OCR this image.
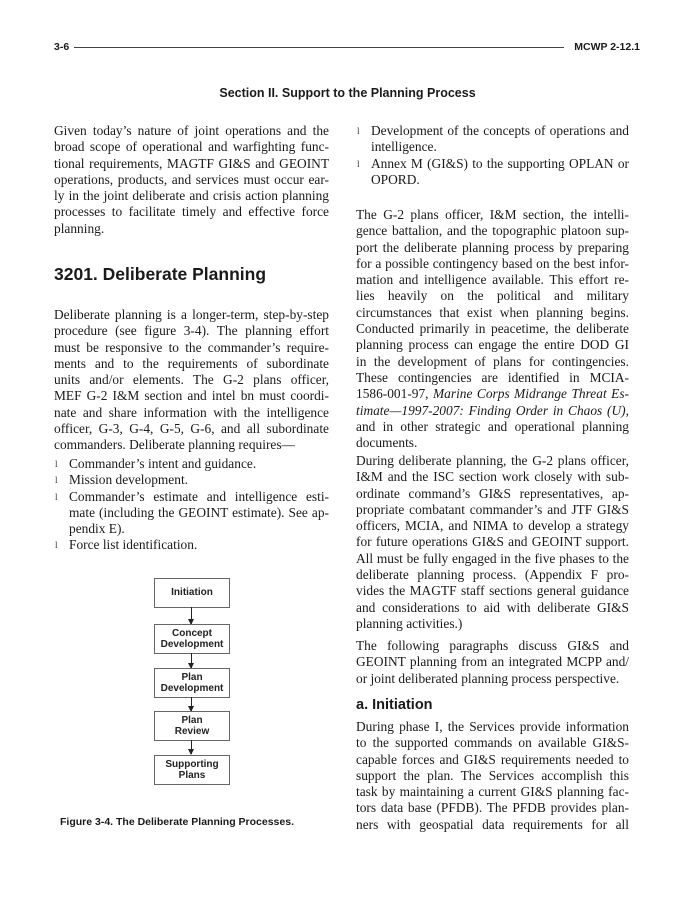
3-6	MCWP 2-12.1
Section II. Support to the Planning Process
Given today’s nature of joint operations and the
broad scope of operational and warfighting func-
tional requirements, MAGTF GI&S and GEOINT
operations, products, and services must occur ear-
ly in the joint deliberate and crisis action planning
processes to facilitate timely and effective force
planning.
3201. Deliberate Planning
Deliberate planning is a longer-term, step-by-step
procedure (see figure 3-4). The planning effort
must be responsive to the commander’s require-
ments and to the requirements of subordinate
units and/or elements. The G-2 plans officer,
MEF G-2 I&M section and intel bn must coordi-
nate and share information with the intelligence
officer, G-3, G-4, G-5, G-6, and all subordinate
commanders. Deliberate planning requires—
l Commander’s intent and guidance.
l Mission development.
l Commander’s estimate and intelligence esti-
mate (including the GEOINT estimate). See ap-
pendix E).
l Force list identification.
Initiation
Concept
Development
Plan
Development
Plan
Review
Supporting
Plans
Figure 3-4. The Deliberate Planning Processes.
l Development of the concepts of operations and
intelligence.
l Annex M (GI&S) to the supporting OPLAN or
OPORD.
The G-2 plans officer, I&M section, the intelli-
gence battalion, and the topographic platoon sup-
port the deliberate planning process by preparing
for a possible contingency based on the best infor-
mation and intelligence available. This effort re-
lies heavily on the political and military
circumstances that exist when planning begins.
Conducted primarily in peacetime, the deliberate
planning process can engage the entire DOD GI
in the development of plans for contingencies.
These contingencies are identified in MCIA-
1586-001-97, Marine Corps Midrange Threat Es-
timate—1997-2007: Finding Order in Chaos (U),
and in other strategic and operational planning
documents.
During deliberate planning, the G-2 plans officer,
I&M and the ISC section work closely with sub-
ordinate command’s GI&S representatives, ap-
propriate combatant commander’s and JTF GI&S
officers, MCIA, and NIMA to develop a strategy
for future operations GI&S and GEOINT support.
All must be fully engaged in the five phases to the
deliberate planning process. (Appendix F pro-
vides the MAGTF staff sections general guidance
and considerations to aid with deliberate GI&S
planning activities.)
The following paragraphs discuss GI&S and
GEOINT planning from an integrated MCPP and/
or joint deliberated planning process perspective.
a. Initiation
During phase I, the Services provide information
to the supported commands on available GI&S-
capable forces and GI&S requirements needed to
support the plan. The Services accomplish this
task by maintaining a current GI&S planning fac-
tors data base (PFDB). The PFDB provides plan-
ners with geospatial data requirements for all
